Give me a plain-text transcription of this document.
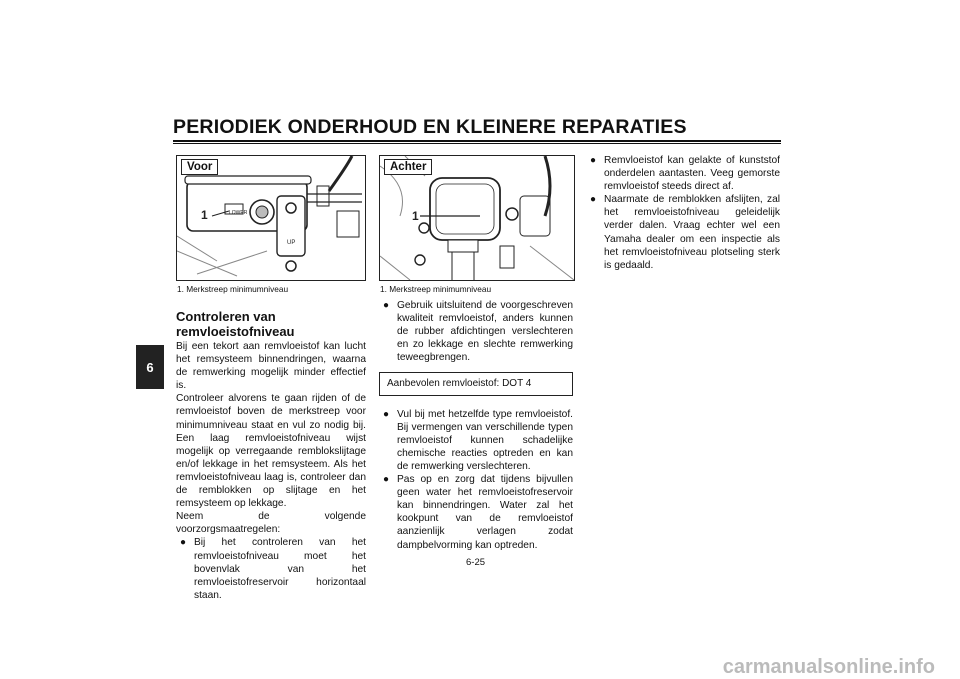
PERIODIEK ONDERHOUD EN KLEINERE REPARATIES
6
LOWER
UP
1
Voor
1. Merkstreep minimumniveau
1
Achter
1. Merkstreep minimumniveau
Controleren van remvloeistofniveau

Bij een tekort aan remvloeistof kan lucht het remsysteem binnendringen, waarna de remwerking mogelijk minder effectief is.

Controleer alvorens te gaan rijden of de remvloeistof boven de merkstreep voor minimumniveau staat en vul zo nodig bij. Een laag remvloeistofniveau wijst mogelijk op verregaande remblokslijtage en/of lekkage in het remsysteem. Als het remvloeistofniveau laag is, controleer dan de remblokken op slijtage en het remsysteem op lekkage.

Neem de volgende voorzorgsmaatregelen:

● Bij het controleren van het remvloeistofniveau moet het bovenvlak van het remvloeistofreservoir horizontaal staan.
● Gebruik uitsluitend de voorgeschreven kwaliteit remvloeistof, anders kunnen de rubber afdichtingen verslechteren en zo lekkage en slechte remwerking teweegbrengen.
Aanbevolen remvloeistof: DOT 4
● Vul bij met hetzelfde type remvloeistof. Bij vermengen van verschillende typen remvloeistof kunnen schadelijke chemische reacties optreden en kan de remwerking verslechteren.
● Pas op en zorg dat tijdens bijvullen geen water het remvloeistofreservoir kan binnendringen. Water zal het kookpunt van de remvloeistof aanzienlijk verlagen zodat dampbelvorming kan optreden.
● Remvloeistof kan gelakte of kunststof onderdelen aantasten. Veeg gemorste remvloeistof steeds direct af.
● Naarmate de remblokken afslijten, zal het remvloeistofniveau geleidelijk verder dalen. Vraag echter wel een Yamaha dealer om een inspectie als het remvloeistofniveau plotseling sterk is gedaald.
6-25
carmanualsonline.info
